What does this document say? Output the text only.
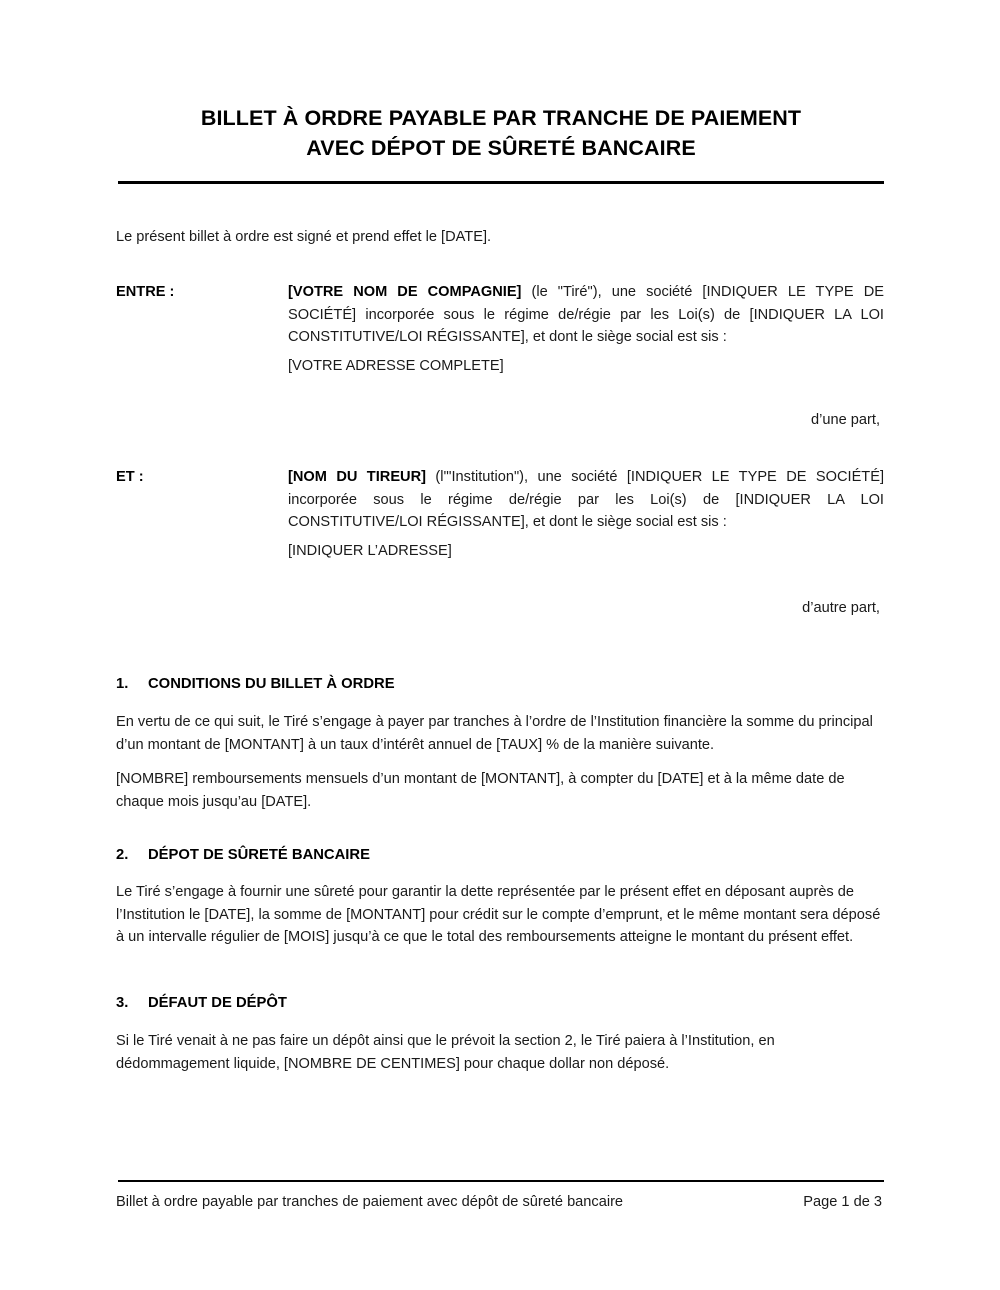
BILLET À ORDRE PAYABLE PAR TRANCHE DE PAIEMENT
AVEC DÉPOT DE SÛRETÉ BANCAIRE
Le présent billet à ordre est signé et prend effet le [DATE].
ENTRE :	[VOTRE NOM DE COMPAGNIE] (le "Tiré"), une société [INDIQUER LE TYPE DE SOCIÉTÉ] incorporée sous le régime de/régie par les Loi(s) de [INDIQUER LA LOI CONSTITUTIVE/LOI RÉGISSANTE], et dont le siège social est sis :
[VOTRE ADRESSE COMPLETE]
d’une part,
ET :	[NOM DU TIREUR] (l'"Institution"), une société [INDIQUER LE TYPE DE SOCIÉTÉ] incorporée sous le régime de/régie par les Loi(s) de [INDIQUER LA LOI CONSTITUTIVE/LOI RÉGISSANTE], et dont le siège social est sis :
[INDIQUER L’ADRESSE]
d’autre part,
1. CONDITIONS DU BILLET À ORDRE
En vertu de ce qui suit, le Tiré s’engage à payer par tranches à l’ordre de l’Institution financière la somme du principal d’un montant de [MONTANT] à un taux d’intérêt annuel de [TAUX] % de la manière suivante.
[NOMBRE] remboursements mensuels d’un montant de [MONTANT], à compter du [DATE] et à la même date de chaque mois jusqu’au [DATE].
2. DÉPOT DE SÛRETÉ BANCAIRE
Le Tiré s’engage à fournir une sûreté pour garantir la dette représentée par le présent effet en déposant auprès de l’Institution le [DATE], la somme de [MONTANT] pour crédit sur le compte d’emprunt, et le même montant sera déposé à un intervalle régulier de [MOIS] jusqu’à ce que le total des remboursements atteigne le montant du présent effet.
3. DÉFAUT DE DÉPÔT
Si le Tiré venait à ne pas faire un dépôt ainsi que le prévoit la section 2, le Tiré paiera à l’Institution, en dédommagement liquide, [NOMBRE DE CENTIMES] pour chaque dollar non déposé.
Billet à ordre payable par tranches de paiement avec dépôt de sûreté bancaire	Page 1 de 3
